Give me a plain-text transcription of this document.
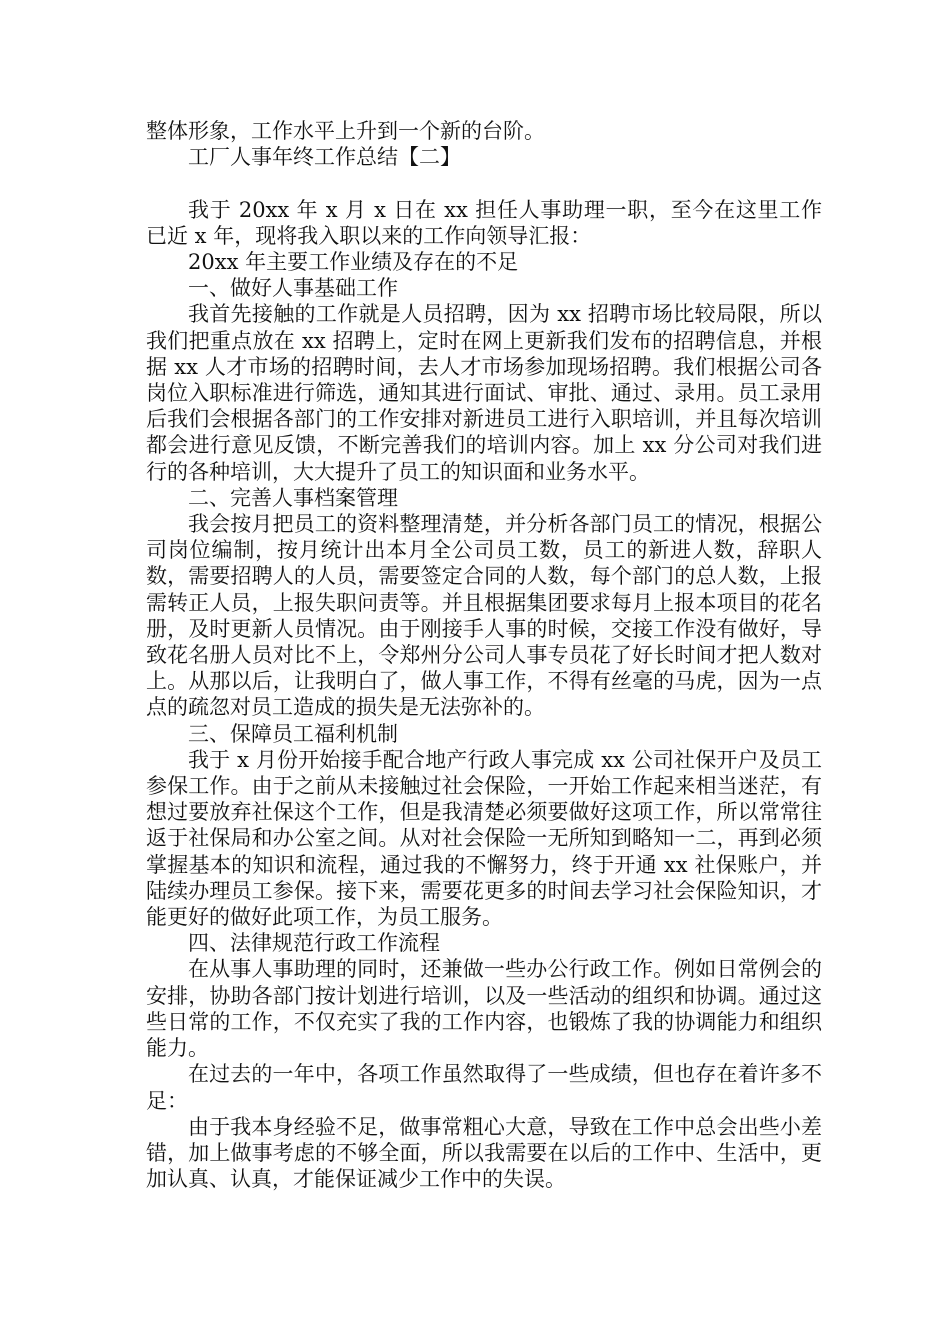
整体形象，工作水平上升到一个新的台阶。

工厂人事年终工作总结【二】

我于 20xx 年 x 月 x 日在 xx 担任人事助理一职，至今在这里工作已近 x 年，现将我入职以来的工作向领导汇报：

20xx 年主要工作业绩及存在的不足

一、做好人事基础工作

我首先接触的工作就是人员招聘，因为 xx 招聘市场比较局限，所以我们把重点放在 xx 招聘上，定时在网上更新我们发布的招聘信息，并根据 xx 人才市场的招聘时间，去人才市场参加现场招聘。我们根据公司各岗位入职标准进行筛选，通知其进行面试、审批、通过、录用。员工录用后我们会根据各部门的工作安排对新进员工进行入职培训，并且每次培训都会进行意见反馈，不断完善我们的培训内容。加上 xx 分公司对我们进行的各种培训，大大提升了员工的知识面和业务水平。

二、完善人事档案管理

我会按月把员工的资料整理清楚，并分析各部门员工的情况，根据公司岗位编制，按月统计出本月全公司员工数，员工的新进人数，辞职人数，需要招聘人的人员，需要签定合同的人数，每个部门的总人数，上报需转正人员，上报失职问责等。并且根据集团要求每月上报本项目的花名册，及时更新人员情况。由于刚接手人事的时候，交接工作没有做好，导致花名册人员对比不上，令郑州分公司人事专员花了好长时间才把人数对上。从那以后，让我明白了，做人事工作，不得有丝毫的马虎，因为一点点的疏忽对员工造成的损失是无法弥补的。

三、保障员工福利机制

我于 x 月份开始接手配合地产行政人事完成 xx 公司社保开户及员工参保工作。由于之前从未接触过社会保险，一开始工作起来相当迷茫，有想过要放弃社保这个工作，但是我清楚必须要做好这项工作，所以常常往返于社保局和办公室之间。从对社会保险一无所知到略知一二，再到必须掌握基本的知识和流程，通过我的不懈努力，终于开通 xx 社保账户，并陆续办理员工参保。接下来，需要花更多的时间去学习社会保险知识，才能更好的做好此项工作，为员工服务。

四、法律规范行政工作流程

在从事人事助理的同时，还兼做一些办公行政工作。例如日常例会的安排，协助各部门按计划进行培训，以及一些活动的组织和协调。通过这些日常的工作，不仅充实了我的工作内容，也锻炼了我的协调能力和组织能力。

在过去的一年中，各项工作虽然取得了一些成绩，但也存在着许多不足：

由于我本身经验不足，做事常粗心大意，导致在工作中总会出些小差错，加上做事考虑的不够全面，所以我需要在以后的工作中、生活中，更加认真、认真，才能保证减少工作中的失误。
